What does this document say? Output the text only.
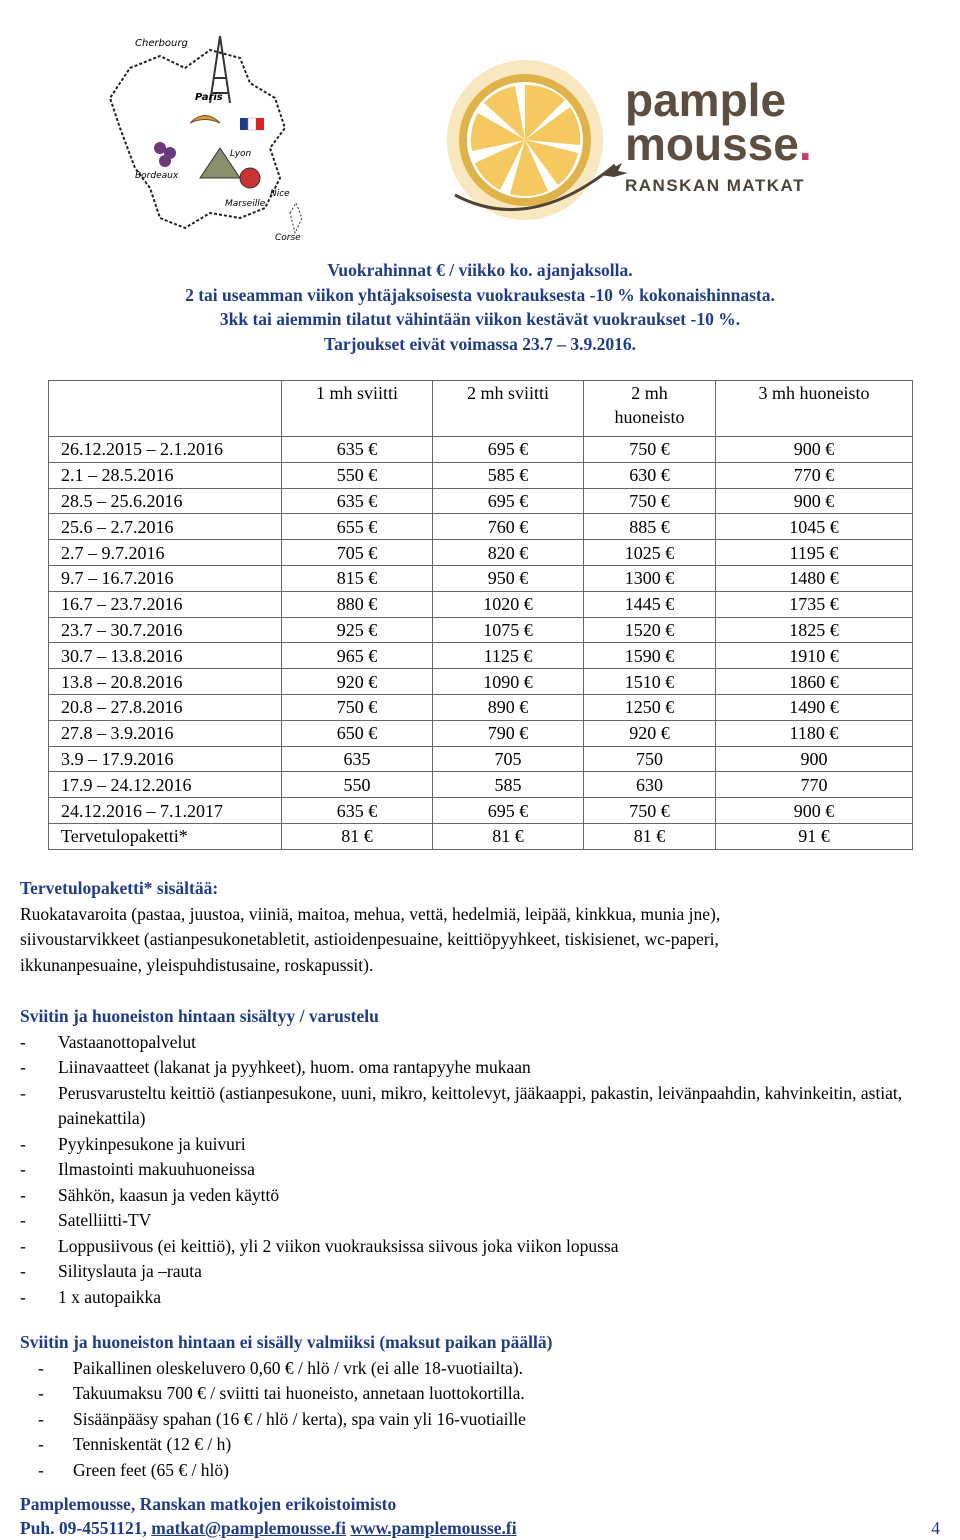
Cherbourg
Paris
Lyon
Bordeaux
Marseille
Nice
Corse
pample
mousse.
RANSKAN MATKAT
Vuokrahinnat € / viikko ko. ajanjaksolla.
2 tai useamman viikon yhtäjaksoisesta vuokrauksesta -10 % kokonaishinnasta.
3kk tai aiemmin tilatut vähintään viikon kestävät vuokraukset -10 %.
Tarjoukset eivät voimassa 23.7 – 3.9.2016.
	1 mh sviitti	2 mh sviitti	2 mh
huoneisto	3 mh huoneisto
26.12.2015 – 2.1.2016	635 €	695 €	750 €	900 €
2.1 – 28.5.2016	550 €	585 €	630 €	770 €
28.5 – 25.6.2016	635 €	695 €	750 €	900 €
25.6 – 2.7.2016	655 €	760 €	885 €	1045 €
2.7 – 9.7.2016	705 €	820 €	1025 €	1195 €
9.7 – 16.7.2016	815 €	950 €	1300 €	1480 €
16.7 – 23.7.2016	880 €	1020 €	1445 €	1735 €
23.7 – 30.7.2016	925 €	1075 €	1520 €	1825 €
30.7 – 13.8.2016	965 €	1125 €	1590 €	1910 €
13.8 – 20.8.2016	920 €	1090 €	1510 €	1860 €
20.8 – 27.8.2016	750 €	890 €	1250 €	1490 €
27.8 – 3.9.2016	650 €	790 €	920 €	1180 €
3.9 – 17.9.2016	635	705	750	900
17.9 – 24.12.2016	550	585	630	770
24.12.2016 – 7.1.2017	635 €	695 €	750 €	900 €
Tervetulopaketti*	81 €	81 €	81 €	91 €
Tervetulopaketti* sisältää:
Ruokatavaroita (pastaa, juustoa, viiniä, maitoa, mehua, vettä, hedelmiä, leipää, kinkkua, munia jne),
siivoustarvikkeet (astianpesukonetabletit, astioidenpesuaine, keittiöpyyhkeet, tiskisienet, wc-paperi,
ikkunanpesuaine, yleispuhdistusaine, roskapussit).
Sviitin ja huoneiston hintaan sisältyy / varustelu
- Vastaanottopalvelut
- Liinavaatteet (lakanat ja pyyhkeet), huom. oma rantapyyhe mukaan
- Perusvarusteltu keittiö (astianpesukone, uuni, mikro, keittolevyt, jääkaappi, pakastin, leivänpaahdin, kahvinkeitin, astiat, painekattila)
- Pyykinpesukone ja kuivuri
- Ilmastointi makuuhuoneissa
- Sähkön, kaasun ja veden käyttö
- Satelliitti-TV
- Loppusiivous (ei keittiö), yli 2 viikon vuokrauksissa siivous joka viikon lopussa
- Silityslauta ja –rauta
- 1 x autopaikka
Sviitin ja huoneiston hintaan ei sisälly valmiiksi (maksut paikan päällä)
- Paikallinen oleskeluvero 0,60 € / hlö / vrk (ei alle 18-vuotiailta).
- Takuumaksu 700 € / sviitti tai huoneisto, annetaan luottokortilla.
- Sisäänpääsy spahan (16 € / hlö / kerta), spa vain yli 16-vuotiaille
- Tenniskentät (12 € / h)
- Green feet (65 € / hlö)
Pamplemousse, Ranskan matkojen erikoistoimisto
Puh. 09-4551121, matkat@pamplemousse.fi www.pamplemousse.fi	4
